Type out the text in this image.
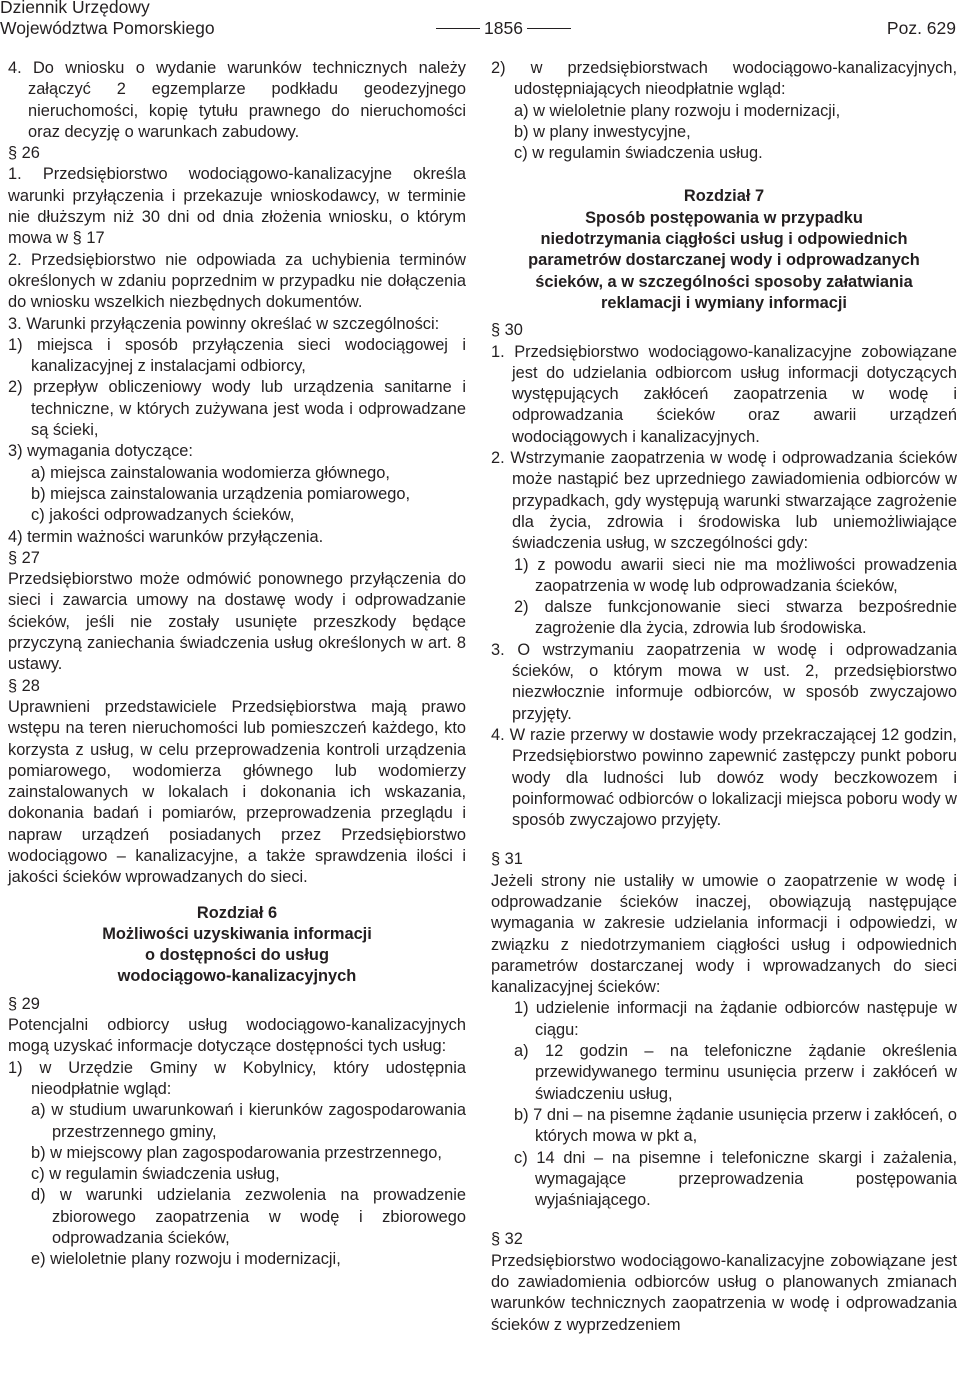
Dziennik Urzędowy
Województwa Pomorskiego	1856	Poz. 629

4. Do wniosku o wydanie warunków technicznych należy załączyć 2 egzemplarze podkładu geodezyjnego nieruchomości, kopię tytułu prawnego do nieruchomości oraz decyzję o warunkach zabudowy.

§ 26

1. Przedsiębiorstwo wodociągowo-kanalizacyjne określa warunki przyłączenia i przekazuje wnioskodawcy, w terminie nie dłuższym niż 30 dni od dnia złożenia wniosku, o którym mowa w § 17

2. Przedsiębiorstwo nie odpowiada za uchybienia terminów określonych w zdaniu poprzednim w przypadku nie dołączenia do wniosku wszelkich niezbędnych dokumentów.

3. Warunki przyłączenia powinny określać w szczególności:

1) miejsca i sposób przyłączenia sieci wodociągowej i kanalizacyjnej z instalacjami odbiorcy,

2) przepływ obliczeniowy wody lub urządzenia sanitarne i techniczne, w których zużywana jest woda i odprowadzane są ścieki,

3) wymagania dotyczące:

a) miejsca zainstalowania wodomierza głównego,

b) miejsca zainstalowania urządzenia pomiarowego,

c) jakości odprowadzanych ścieków,

4) termin ważności warunków przyłączenia.

§ 27

Przedsiębiorstwo może odmówić ponownego przyłączenia do sieci i zawarcia umowy na dostawę wody i odprowadzanie ścieków, jeśli nie zostały usunięte przeszkody będące przyczyną zaniechania świadczenia usług określonych w art. 8 ustawy.

§ 28

Uprawnieni przedstawiciele Przedsiębiorstwa mają prawo wstępu na teren nieruchomości lub pomieszczeń każdego, kto korzysta z usług, w celu przeprowadzenia kontroli urządzenia pomiarowego, wodomierza głównego lub wodomierzy zainstalowanych w lokalach i dokonania ich wskazania, dokonania badań i pomiarów, przeprowadzenia przeglądu i napraw urządzeń posiadanych przez Przedsiębiorstwo wodociągowo – kanalizacyjne, a także sprawdzenia ilości i jakości ścieków wprowadzanych do sieci.

Rozdział 6
Możliwości uzyskiwania informacji
o dostępności do usług
wodociągowo-kanalizacyjnych

§ 29

Potencjalni odbiorcy usług wodociągowo-kanalizacyjnych mogą uzyskać informacje dotyczące dostępności tych usług:

1) w Urzędzie Gminy w Kobylnicy, który udostępnia nieodpłatnie wgląd:

a) w studium uwarunkowań i kierunków zagospodarowania przestrzennego gminy,

b) w miejscowy plan zagospodarowania przestrzennego,

c) w regulamin świadczenia usług,

d) w warunki udzielania zezwolenia na prowadzenie zbiorowego zaopatrzenia w wodę i zbiorowego odprowadzania ścieków,

e) wieloletnie plany rozwoju i modernizacji,

2) w przedsiębiorstwach wodociągowo-kanalizacyjnych, udostępniających nieodpłatnie wgląd:

a) w wieloletnie plany rozwoju i modernizacji,

b) w plany inwestycyjne,

c) w regulamin świadczenia usług.

Rozdział 7
Sposób postępowania w przypadku
niedotrzymania ciągłości usług i odpowiednich
parametrów dostarczanej wody i odprowadzanych
ścieków, a w szczególności sposoby załatwiania
reklamacji i wymiany informacji

§ 30

1. Przedsiębiorstwo wodociągowo-kanalizacyjne zobowiązane jest do udzielania odbiorcom usług informacji dotyczących występujących zakłóceń zaopatrzenia w wodę i odprowadzania ścieków oraz awarii urządzeń wodociągowych i kanalizacyjnych.

2. Wstrzymanie zaopatrzenia w wodę i odprowadzania ścieków może nastąpić bez uprzedniego zawiadomienia odbiorców w przypadkach, gdy występują warunki stwarzające zagrożenie dla życia, zdrowia i środowiska lub uniemożliwiające świadczenia usług, w szczególności gdy:

1) z powodu awarii sieci nie ma możliwości prowadzenia zaopatrzenia w wodę lub odprowadzania ścieków,

2) dalsze funkcjonowanie sieci stwarza bezpośrednie zagrożenie dla życia, zdrowia lub środowiska.

3. O wstrzymaniu zaopatrzenia w wodę i odprowadzania ścieków, o którym mowa w ust. 2, przedsiębiorstwo niezwłocznie informuje odbiorców, w sposób zwyczajowo przyjęty.

4. W razie przerwy w dostawie wody przekraczającej 12 godzin, Przedsiębiorstwo powinno zapewnić zastępczy punkt poboru wody dla ludności lub dowóz wody beczkowozem i poinformować odbiorców o lokalizacji miejsca poboru wody w sposób zwyczajowo przyjęty.

§ 31

Jeżeli strony nie ustaliły w umowie o zaopatrzenie w wodę i odprowadzanie ścieków inaczej, obowiązują następujące wymagania w zakresie udzielania informacji i odpowiedzi, w związku z niedotrzymaniem ciągłości usług i odpowiednich parametrów dostarczanej wody i wprowadzanych do sieci kanalizacyjnej ścieków:

1) udzielenie informacji na żądanie odbiorców następuje w ciągu:

a) 12 godzin – na telefoniczne żądanie określenia przewidywanego terminu usunięcia przerw i zakłóceń w świadczeniu usług,

b) 7 dni – na pisemne żądanie usunięcia przerw i zakłóceń, o których mowa w pkt a,

c) 14 dni – na pisemne i telefoniczne skargi i zażalenia, wymagające przeprowadzenia postępowania wyjaśniającego.

§ 32

Przedsiębiorstwo wodociągowo-kanalizacyjne zobowiązane jest do zawiadomienia odbiorców usług o planowanych zmianach warunków technicznych zaopatrzenia w wodę i odprowadzania ścieków z wyprzedzeniem
